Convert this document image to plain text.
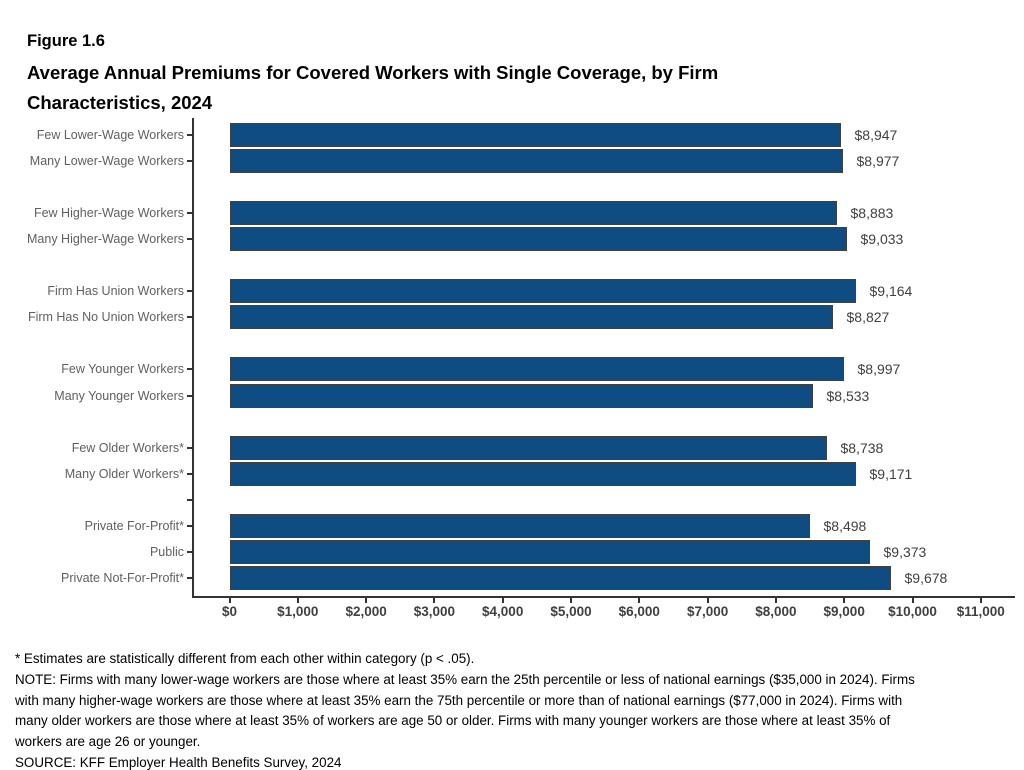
Figure 1.6
Average Annual Premiums for Covered Workers with Single Coverage, by Firm
Characteristics, 2024
Few Lower-Wage Workers	$8,947
Many Lower-Wage Workers	$8,977
Few Higher-Wage Workers	$8,883
Many Higher-Wage Workers	$9,033
Firm Has Union Workers	$9,164
Firm Has No Union Workers	$8,827
Few Younger Workers	$8,997
Many Younger Workers	$8,533
Few Older Workers*	$8,738
Many Older Workers*	$9,171
Private For-Profit*	$8,498
Public	$9,373
Private Not-For-Profit*	$9,678
$0	$1,000	$2,000	$3,000	$4,000	$5,000	$6,000	$7,000	$8,000	$9,000	$10,000	$11,000
* Estimates are statistically different from each other within category (p < .05).
NOTE: Firms with many lower-wage workers are those where at least 35% earn the 25th percentile or less of national earnings ($35,000 in 2024). Firms
with many higher-wage workers are those where at least 35% earn the 75th percentile or more than of national earnings ($77,000 in 2024). Firms with
many older workers are those where at least 35% of workers are age 50 or older. Firms with many younger workers are those where at least 35% of
workers are age 26 or younger.
SOURCE: KFF Employer Health Benefits Survey, 2024
